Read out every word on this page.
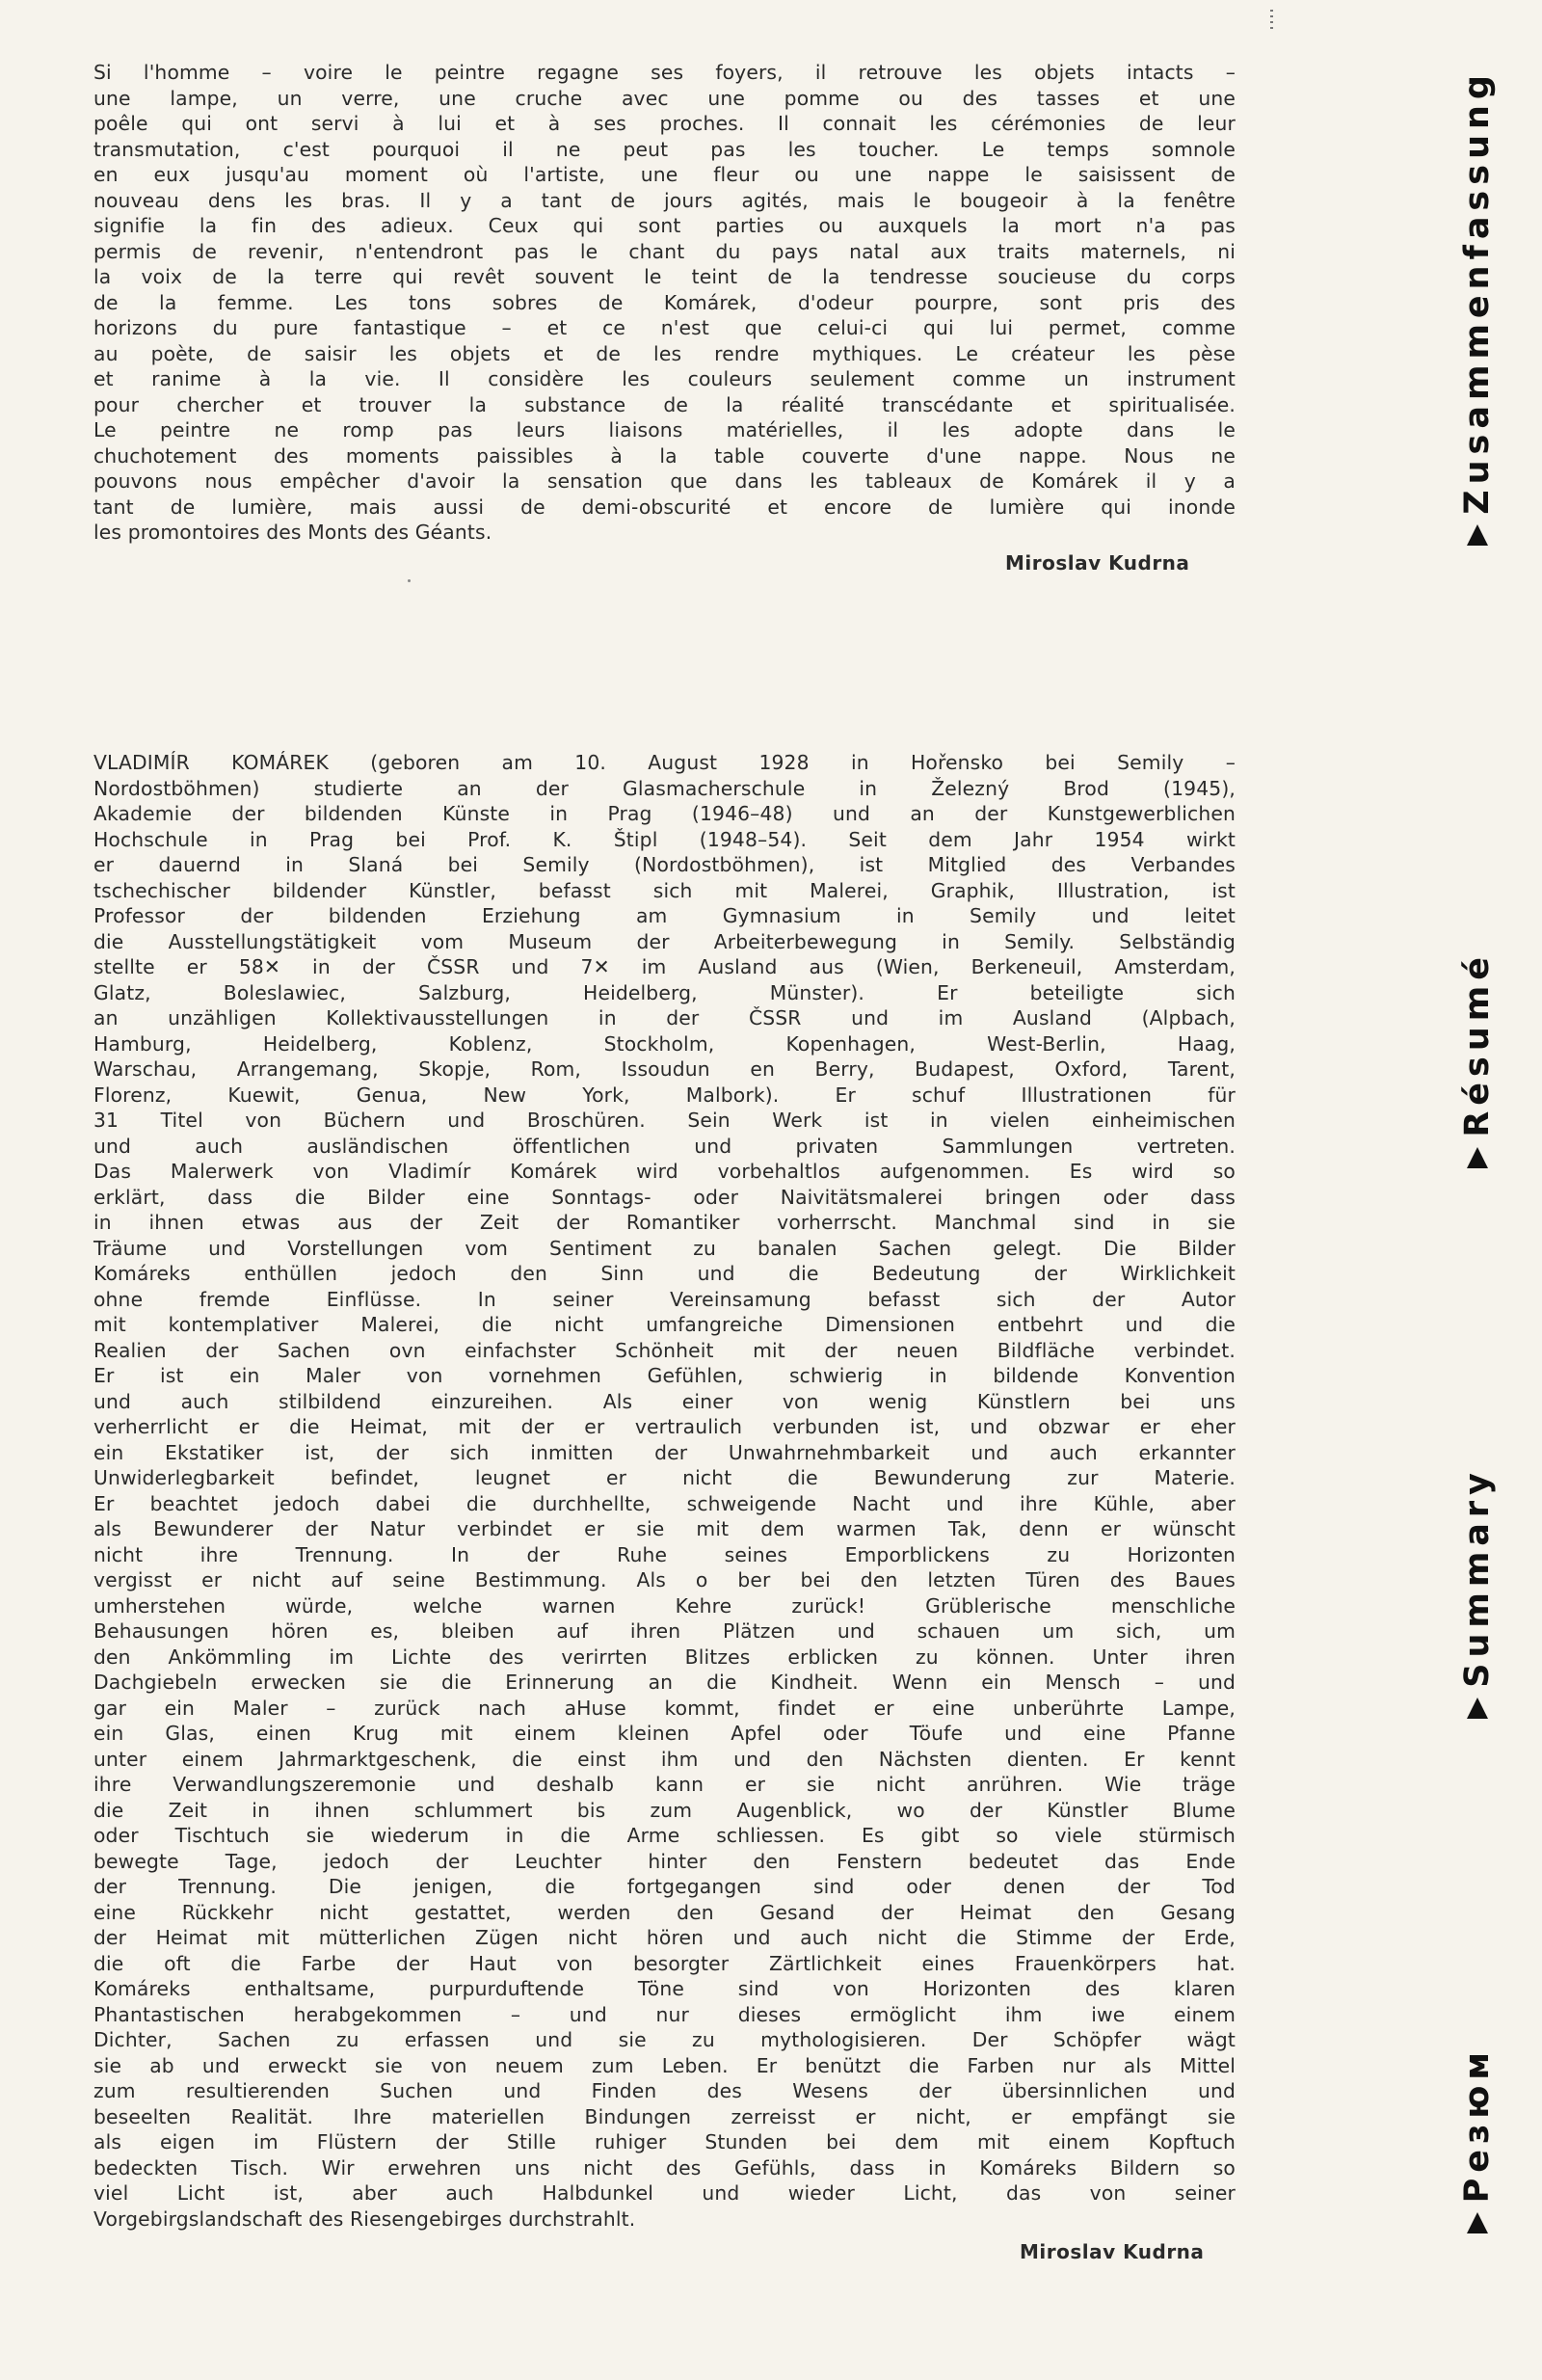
Si l'homme – voire le peintre regagne ses foyers, il retrouve les objets intacts –
une lampe, un verre, une cruche avec une pomme ou des tasses et une
poêle qui ont servi à lui et à ses proches. Il connait les cérémonies de leur
transmutation, c'est pourquoi il ne peut pas les toucher. Le temps somnole
en eux jusqu'au moment où l'artiste, une fleur ou une nappe le saisissent de
nouveau dens les bras. Il y a tant de jours agités, mais le bougeoir à la fenêtre
signifie la fin des adieux. Ceux qui sont parties ou auxquels la mort n'a pas
permis de revenir, n'entendront pas le chant du pays natal aux traits maternels, ni
la voix de la terre qui revêt souvent le teint de la tendresse soucieuse du corps
de la femme. Les tons sobres de Komárek, d'odeur pourpre, sont pris des
horizons du pure fantastique – et ce n'est que celui-ci qui lui permet, comme
au poète, de saisir les objets et de les rendre mythiques. Le créateur les pèse
et ranime à la vie. Il considère les couleurs seulement comme un instrument
pour chercher et trouver la substance de la réalité transcédante et spiritualisée.
Le peintre ne romp pas leurs liaisons matérielles, il les adopte dans le
chuchotement des moments paissibles à la table couverte d'une nappe. Nous ne
pouvons nous empêcher d'avoir la sensation que dans les tableaux de Komárek il y a
tant de lumière, mais aussi de demi-obscurité et encore de lumière qui inonde
les promontoires des Monts des Géants.
Miroslav Kudrna
VLADIMÍR KOMÁREK (geboren am 10. August 1928 in Hořensko bei Semily –
Nordostböhmen) studierte an der Glasmacherschule in Železný Brod (1945),
Akademie der bildenden Künste in Prag (1946–48) und an der Kunstgewerblichen
Hochschule in Prag bei Prof. K. Štipl (1948–54). Seit dem Jahr 1954 wirkt
er dauernd in Slaná bei Semily (Nordostböhmen), ist Mitglied des Verbandes
tschechischer bildender Künstler, befasst sich mit Malerei, Graphik, Illustration, ist
Professor der bildenden Erziehung am Gymnasium in Semily und leitet
die Ausstellungstätigkeit vom Museum der Arbeiterbewegung in Semily. Selbständig
stellte er 58✕ in der ČSSR und 7✕ im Ausland aus (Wien, Berkeneuil, Amsterdam,
Glatz, Boleslawiec, Salzburg, Heidelberg, Münster). Er beteiligte sich
an unzähligen Kollektivausstellungen in der ČSSR und im Ausland (Alpbach,
Hamburg, Heidelberg, Koblenz, Stockholm, Kopenhagen, West-Berlin, Haag,
Warschau, Arrangemang, Skopje, Rom, Issoudun en Berry, Budapest, Oxford, Tarent,
Florenz, Kuewit, Genua, New York, Malbork). Er schuf Illustrationen für
31 Titel von Büchern und Broschüren. Sein Werk ist in vielen einheimischen
und auch ausländischen öffentlichen und privaten Sammlungen vertreten.
Das Malerwerk von Vladimír Komárek wird vorbehaltlos aufgenommen. Es wird so
erklärt, dass die Bilder eine Sonntags- oder Naivitätsmalerei bringen oder dass
in ihnen etwas aus der Zeit der Romantiker vorherrscht. Manchmal sind in sie
Träume und Vorstellungen vom Sentiment zu banalen Sachen gelegt. Die Bilder
Komáreks enthüllen jedoch den Sinn und die Bedeutung der Wirklichkeit
ohne fremde Einflüsse. In seiner Vereinsamung befasst sich der Autor
mit kontemplativer Malerei, die nicht umfangreiche Dimensionen entbehrt und die
Realien der Sachen ovn einfachster Schönheit mit der neuen Bildfläche verbindet.
Er ist ein Maler von vornehmen Gefühlen, schwierig in bildende Konvention
und auch stilbildend einzureihen. Als einer von wenig Künstlern bei uns
verherrlicht er die Heimat, mit der er vertraulich verbunden ist, und obzwar er eher
ein Ekstatiker ist, der sich inmitten der Unwahrnehmbarkeit und auch erkannter
Unwiderlegbarkeit befindet, leugnet er nicht die Bewunderung zur Materie.
Er beachtet jedoch dabei die durchhellte, schweigende Nacht und ihre Kühle, aber
als Bewunderer der Natur verbindet er sie mit dem warmen Tak, denn er wünscht
nicht ihre Trennung. In der Ruhe seines Emporblickens zu Horizonten
vergisst er nicht auf seine Bestimmung. Als o ber bei den letzten Türen des Baues
umherstehen würde, welche warnen Kehre zurück! Grüblerische menschliche
Behausungen hören es, bleiben auf ihren Plätzen und schauen um sich, um
den Ankömmling im Lichte des verirrten Blitzes erblicken zu können. Unter ihren
Dachgiebeln erwecken sie die Erinnerung an die Kindheit. Wenn ein Mensch – und
gar ein Maler – zurück nach aHuse kommt, findet er eine unberührte Lampe,
ein Glas, einen Krug mit einem kleinen Apfel oder Töufe und eine Pfanne
unter einem Jahrmarktgeschenk, die einst ihm und den Nächsten dienten. Er kennt
ihre Verwandlungszeremonie und deshalb kann er sie nicht anrühren. Wie träge
die Zeit in ihnen schlummert bis zum Augenblick, wo der Künstler Blume
oder Tischtuch sie wiederum in die Arme schliessen. Es gibt so viele stürmisch
bewegte Tage, jedoch der Leuchter hinter den Fenstern bedeutet das Ende
der Trennung. Die jenigen, die fortgegangen sind oder denen der Tod
eine Rückkehr nicht gestattet, werden den Gesand der Heimat den Gesang
der Heimat mit mütterlichen Zügen nicht hören und auch nicht die Stimme der Erde,
die oft die Farbe der Haut von besorgter Zärtlichkeit eines Frauenkörpers hat.
Komáreks enthaltsame, purpurduftende Töne sind von Horizonten des klaren
Phantastischen herabgekommen – und nur dieses ermöglicht ihm iwe einem
Dichter, Sachen zu erfassen und sie zu mythologisieren. Der Schöpfer wägt
sie ab und erweckt sie von neuem zum Leben. Er benützt die Farben nur als Mittel
zum resultierenden Suchen und Finden des Wesens der übersinnlichen und
beseelten Realität. Ihre materiellen Bindungen zerreisst er nicht, er empfängt sie
als eigen im Flüstern der Stille ruhiger Stunden bei dem mit einem Kopftuch
bedeckten Tisch. Wir erwehren uns nicht des Gefühls, dass in Komáreks Bildern so
viel Licht ist, aber auch Halbdunkel und wieder Licht, das von seiner
Vorgebirgslandschaft des Riesengebirges durchstrahlt.
Miroslav Kudrna
Zusammenfassung
Résumé
Summary
Резюм
